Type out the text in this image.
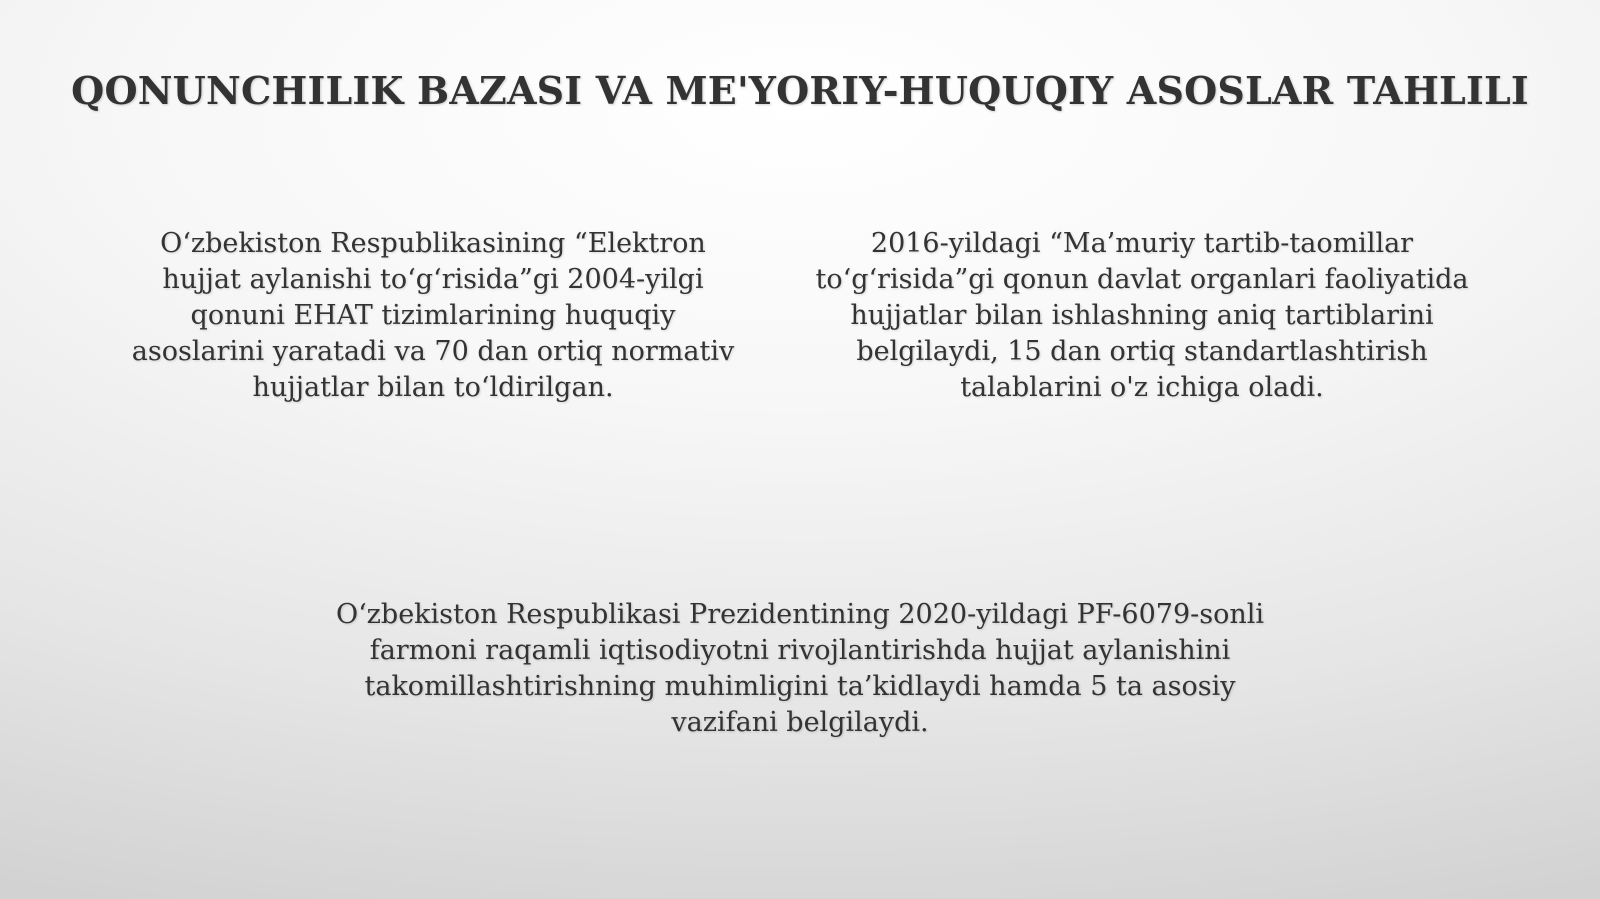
QONUNCHILIK BAZASI VA ME'YORIY-HUQUQIY ASOSLAR TAHLILI
O‘zbekiston Respublikasining “Elektron
hujjat aylanishi to‘g‘risida”gi 2004-yilgi
qonuni EHAT tizimlarining huquqiy
asoslarini yaratadi va 70 dan ortiq normativ
hujjatlar bilan to‘ldirilgan.
2016-yildagi “Ma’muriy tartib-taomillar
to‘g‘risida”gi qonun davlat organlari faoliyatida
hujjatlar bilan ishlashning aniq tartiblarini
belgilaydi, 15 dan ortiq standartlashtirish
talablarini o'z ichiga oladi.
O‘zbekiston Respublikasi Prezidentining 2020-yildagi PF-6079-sonli
farmoni raqamli iqtisodiyotni rivojlantirishda hujjat aylanishini
takomillashtirishning muhimligini ta’kidlaydi hamda 5 ta asosiy
vazifani belgilaydi.
